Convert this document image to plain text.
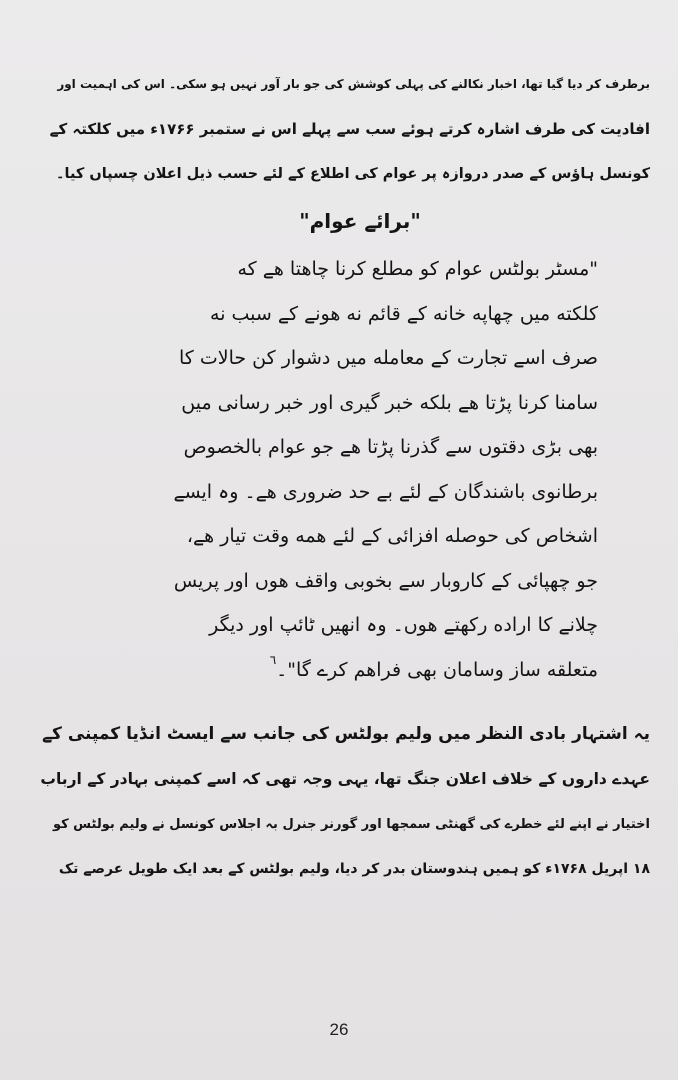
برطرف کر دیا گیا تھا، اخبار نکالنے کی پہلی کوشش کی جو بار آور نہیں ہو سکی۔ اس کی اہمیت اور
افادیت کی طرف اشارہ کرتے ہوئے سب سے پہلے اس نے ستمبر ۱۷۶۶ء میں کلکتہ کے
کونسل ہاؤس کے صدر دروازہ پر عوام کی اطلاع کے لئے حسب ذیل اعلان چسپاں کیا۔

"برائے عوام"
"مسٹر بولٹس عوام کو مطلع کرنا چاهتا هے که
کلکته میں چھاپه خانه کے قائم نه هونے کے سبب نه
صرف اسے تجارت کے معامله میں دشوار کن حالات کا
سامنا کرنا پڑتا هے بلکه خبر گیری اور خبر رسانی میں
بھی بڑی دقتوں سے گذرنا پڑتا هے جو عوام بالخصوص
برطانوی باشندگان کے لئے بے حد ضروری هے۔ وہ ایسے
اشخاص کی حوصله افزائی کے لئے همه وقت تیار هے،
جو چھپائی کے کاروبار سے بخوبی واقف هوں اور پریس
چلانے کا اراده رکھتے هوں۔ وہ انهیں ٹائپ اور دیگر
متعلقه ساز وسامان بھی فراهم کرے گا"۔$^٦$

یہ اشتہار بادی النظر میں ولیم بولٹس کی جانب سے ایسٹ انڈیا کمپنی کے
عہدے داروں کے خلاف اعلان جنگ تھا، یہی وجہ تھی کہ اسے کمپنی بہادر کے ارباب
اختیار نے اپنے لئے خطرے کی گھنٹی سمجھا اور گورنر جنرل بہ اجلاس کونسل نے ولیم بولٹس کو
۱۸ اپریل ۱۷۶۸ء کو ہمیں ہندوستان بدر کر دیا، ولیم بولٹس کے بعد ایک طویل عرصے تک

26
